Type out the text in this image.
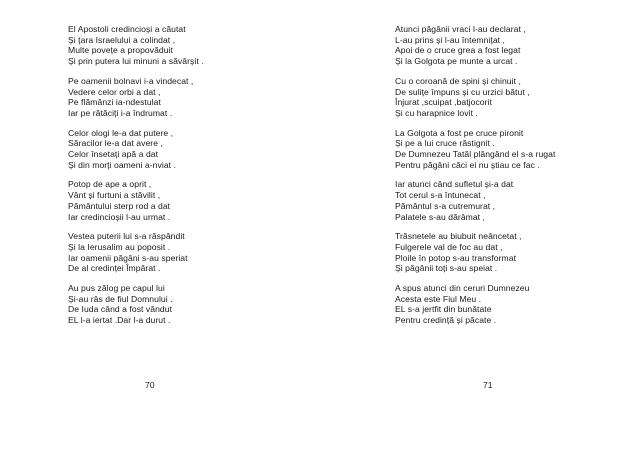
El Apostoli credincioși a căutat
Și țara Israelului a colindat ,
Multe povețe a propovăduit
Și prin putera lui minuni a săvârșit .
Pe oamenii bolnavi i-a vindecat ,
Vedere celor orbi a dat ,
Pe flămânzi ia-ndestulat
Iar pe rătăciți i-a îndrumat .
Celor ologi le-a dat putere ,
Săracilor le-a dat avere ,
Celor însetați apă a dat
Și din morți oameni a-nviat .
Potop de ape a oprit ,
Vânt și furtuni a stăvilit ,
Pământului sterp rod a dat
Iar credincioșii l-au urmat .
Vestea puterii lui s-a răspândit
Și la Ierusalim au poposit .
Iar oamenii păgâni s-au speriat
De al credinței Împărat .
Au pus zălog pe capul lui
Și-au râs de fiul Domnului .
De Iuda când a fost vândut
EL l-a iertat .Dar l-a durut .
70
Atunci păgânii vraci l-au declarat ,
L-au prins și l-au întemnițat ,
Apoi de o cruce grea a fost legat
Și la Golgota pe munte a urcat .
Cu o coroană de spini și chinuit ,
De sulițe împuns și cu urzici bătut ,
Înjurat ,scuipat ,batjocorit
Și cu harapnice lovit .
La Golgota a fost pe cruce pironit
Și pe a lui cruce răstignit .
De Dumnezeu Tatăl plângând el s-a rugat
Pentru păgâni căci ei nu știau ce fac .
Iar atunci când sufletul și-a dat
Tot cerul s-a întunecat ,
Pământul s-a cutremurat ,
Palatele s-au dărâmat ,
Trăsnetele au biubuit neâncetat ,
Fulgerele val de foc au dat ,
Ploile în potop s-au transformat
Și păgânii toți s-au speiat .
A spus atunci din ceruri Dumnezeu
Acesta este Fiul Meu .
EL s-a jertfit din bunătate
Pentru credință și păcate .
71
